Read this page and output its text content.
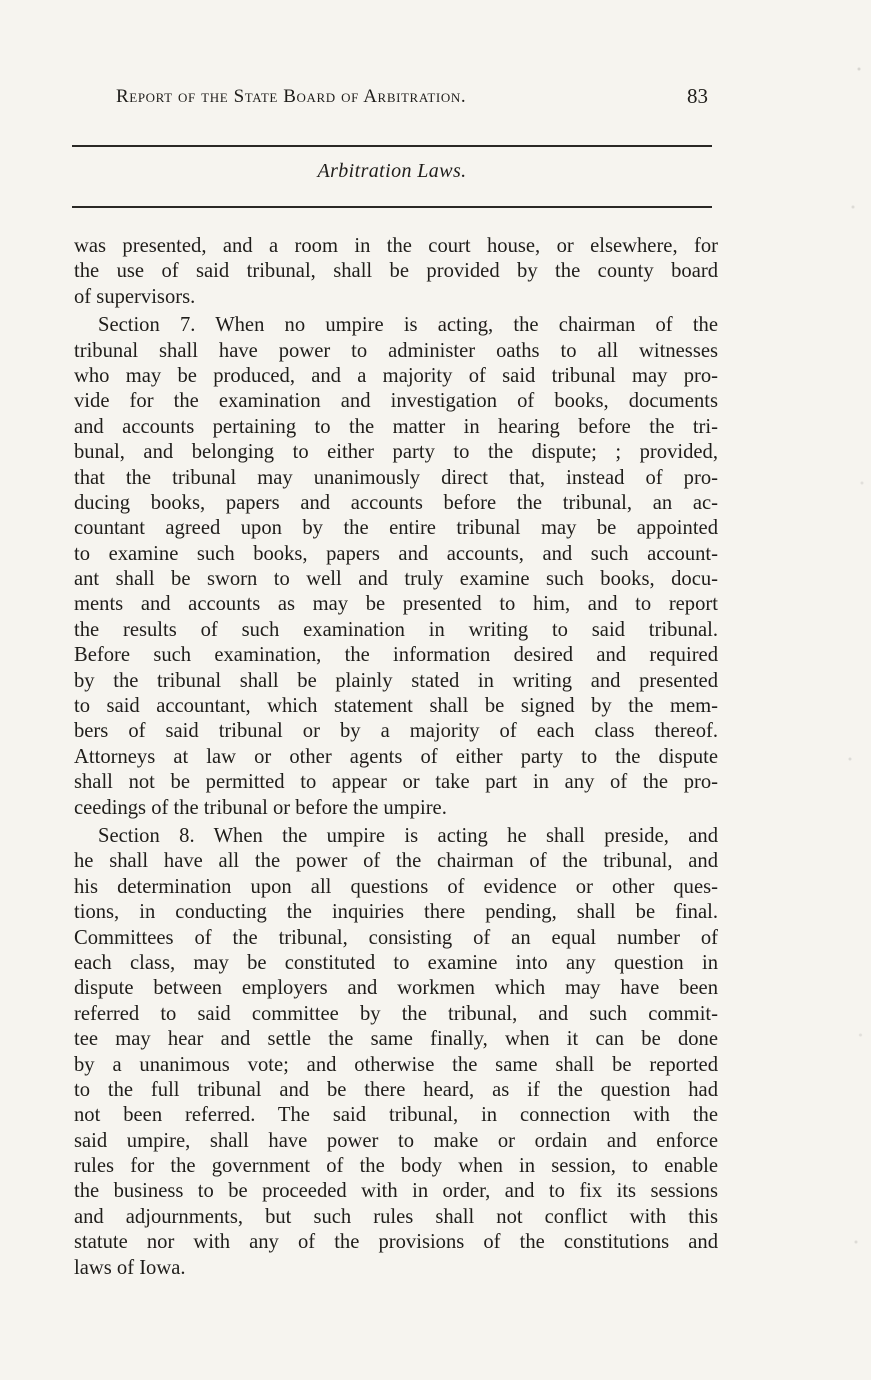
Report of the State Board of Arbitration.	83
Arbitration Laws.
was presented, and a room in the court house, or elsewhere, for
the use of said tribunal, shall be provided by the county board
of supervisors.
Section 7. When no umpire is acting, the chairman of the
tribunal shall have power to administer oaths to all witnesses
who may be produced, and a majority of said tribunal may pro-
vide for the examination and investigation of books, documents
and accounts pertaining to the matter in hearing before the tri-
bunal, and belonging to either party to the dispute; ; provided,
that the tribunal may unanimously direct that, instead of pro-
ducing books, papers and accounts before the tribunal, an ac-
countant agreed upon by the entire tribunal may be appointed
to examine such books, papers and accounts, and such account-
ant shall be sworn to well and truly examine such books, docu-
ments and accounts as may be presented to him, and to report
the results of such examination in writing to said tribunal.
Before such examination, the information desired and required
by the tribunal shall be plainly stated in writing and presented
to said accountant, which statement shall be signed by the mem-
bers of said tribunal or by a majority of each class thereof.
Attorneys at law or other agents of either party to the dispute
shall not be permitted to appear or take part in any of the pro-
ceedings of the tribunal or before the umpire.
Section 8. When the umpire is acting he shall preside, and
he shall have all the power of the chairman of the tribunal, and
his determination upon all questions of evidence or other ques-
tions, in conducting the inquiries there pending, shall be final.
Committees of the tribunal, consisting of an equal number of
each class, may be constituted to examine into any question in
dispute between employers and workmen which may have been
referred to said committee by the tribunal, and such commit-
tee may hear and settle the same finally, when it can be done
by a unanimous vote; and otherwise the same shall be reported
to the full tribunal and be there heard, as if the question had
not been referred. The said tribunal, in connection with the
said umpire, shall have power to make or ordain and enforce
rules for the government of the body when in session, to enable
the business to be proceeded with in order, and to fix its sessions
and adjournments, but such rules shall not conflict with this
statute nor with any of the provisions of the constitutions and
laws of Iowa.
